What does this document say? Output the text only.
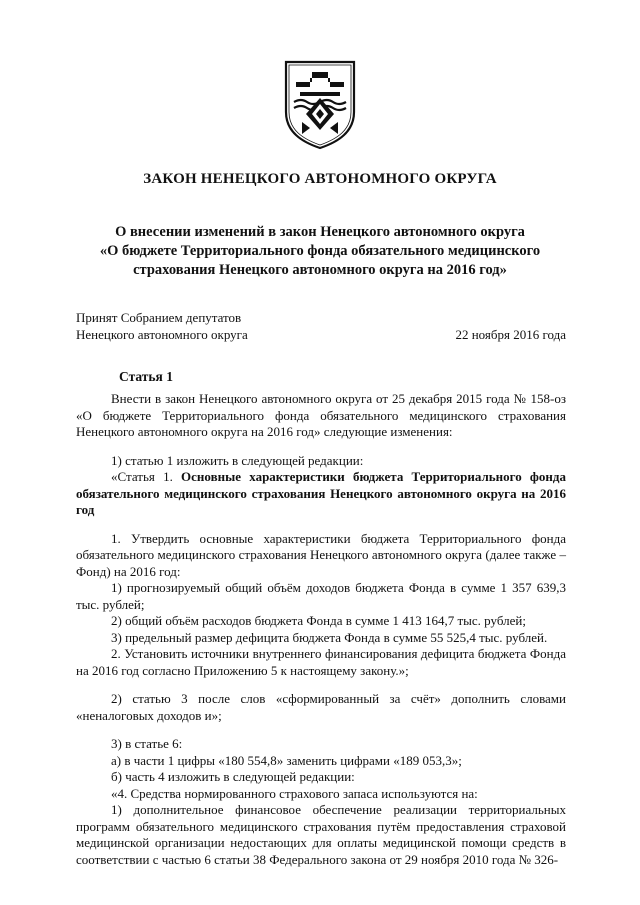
ЗАКОН НЕНЕЦКОГО АВТОНОМНОГО ОКРУГА
О внесении изменений в закон Ненецкого автономного округа
«О бюджете Территориального фонда обязательного медицинского
страхования Ненецкого автономного округа на 2016 год»
Принят Собранием депутатов
Ненецкого автономного округа	22 ноября 2016 года
Статья 1

Внести в закон Ненецкого автономного округа от 25 декабря 2015 года № 158-оз «О бюджете Территориального фонда обязательного медицинского страхования Ненецкого автономного округа на 2016 год» следующие изменения:

1) статью 1 изложить в следующей редакции:

«Статья 1. Основные характеристики бюджета Территориального фонда обязательного медицинского страхования Ненецкого автономного округа на 2016 год

1. Утвердить основные характеристики бюджета Территориального фонда обязательного медицинского страхования Ненецкого автономного округа (далее также – Фонд) на 2016 год:

1) прогнозируемый общий объём доходов бюджета Фонда в сумме 1 357 639,3 тыс. рублей;

2) общий объём расходов бюджета Фонда в сумме 1 413 164,7 тыс. рублей;

3) предельный размер дефицита бюджета Фонда в сумме 55 525,4 тыс. рублей.

2. Установить источники внутреннего финансирования дефицита бюджета Фонда на 2016 год согласно Приложению 5 к настоящему закону.»;

2) статью 3 после слов «сформированный за счёт» дополнить словами «неналоговых доходов и»;

3) в статье 6:

а) в части 1 цифры «180 554,8» заменить цифрами «189 053,3»;

б) часть 4 изложить в следующей редакции:

«4. Средства нормированного страхового запаса используются на:

1) дополнительное финансовое обеспечение реализации территориальных программ обязательного медицинского страхования путём предоставления страховой медицинской организации недостающих для оплаты медицинской помощи средств в соответствии с частью 6 статьи 38 Федерального закона от 29 ноября 2010 года № 326-
